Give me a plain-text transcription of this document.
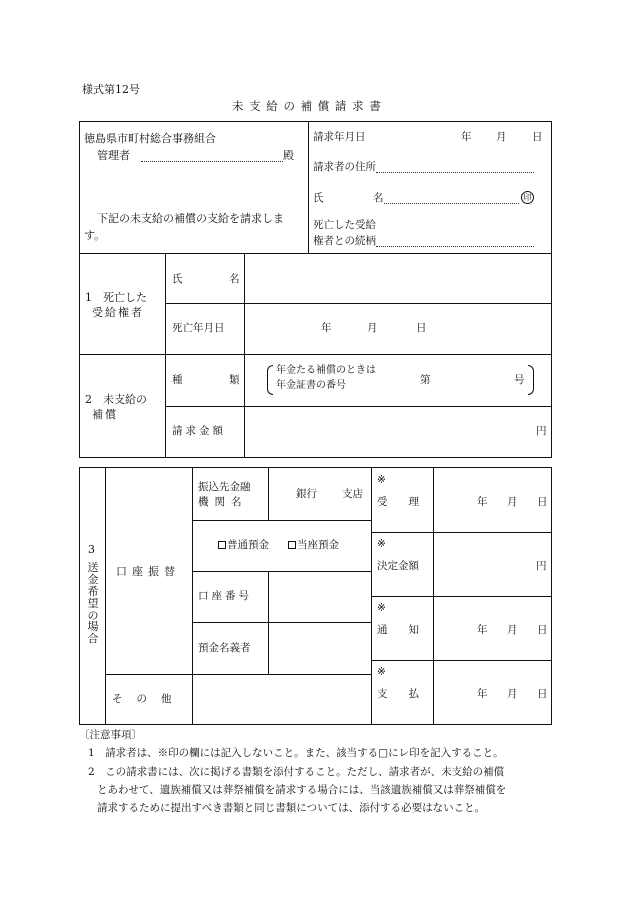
様式第12号
未 支 給 の 補 償 請 求 書
徳島県市町村総合事務組合
管理者	殿
下記の未支給の補償の支給を請求しま
す。
請求年月日	年 月 日
請求者の住所
氏	名	印
死亡した受給
権者との続柄
1　死亡した
受給権者
氏	名
死亡年月日	年	月	日
2　未支給の
補償
種	類
年金たる補償のときは
年金証書の番号	第	号
請求金額	円
3
送
金
希
望
の
場
合
口座振替
振込先金融
機関名
銀行 支店
普通預金	当座預金
口座番号
預金名義者
その他
※
受　　理	年 月 日
※
決定金額	円
※
通　　知	年 月 日
※
支　　払	年 月 日
〔注意事項〕
1　請求者は、※印の欄には記入しないこと。また、該当する□にレ印を記入すること。
2　この請求書には、次に掲げる書類を添付すること。ただし、請求者が、未支給の補償
とあわせて、遺族補償又は葬祭補償を請求する場合には、当該遺族補償又は葬祭補償を
請求するために提出すべき書類と同じ書類については、添付する必要はないこと。
